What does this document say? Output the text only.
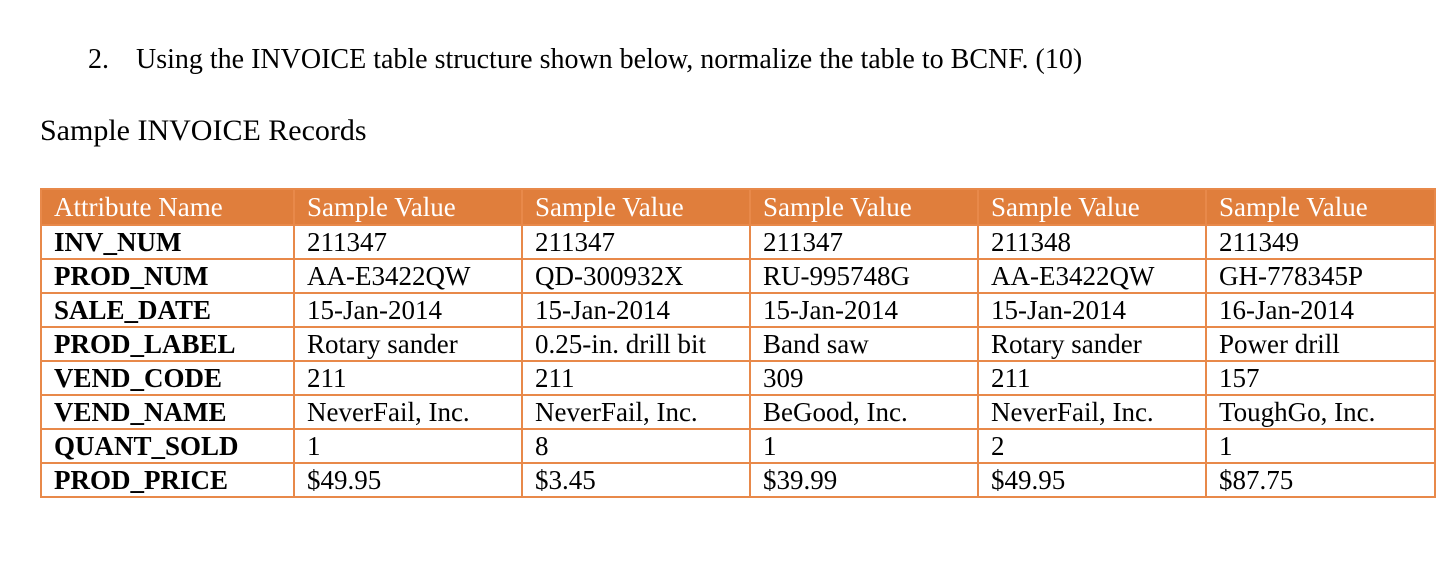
2. Using the INVOICE table structure shown below, normalize the table to BCNF. (10)
Sample INVOICE Records
Attribute Name	Sample Value	Sample Value	Sample Value	Sample Value	Sample Value
INV_NUM	211347	211347	211347	211348	211349
PROD_NUM	AA-E3422QW	QD-300932X	RU-995748G	AA-E3422QW	GH-778345P
SALE_DATE	15-Jan-2014	15-Jan-2014	15-Jan-2014	15-Jan-2014	16-Jan-2014
PROD_LABEL	Rotary sander	0.25-in. drill bit	Band saw	Rotary sander	Power drill
VEND_CODE	211	211	309	211	157
VEND_NAME	NeverFail, Inc.	NeverFail, Inc.	BeGood, Inc.	NeverFail, Inc.	ToughGo, Inc.
QUANT_SOLD	1	8	1	2	1
PROD_PRICE	$49.95	$3.45	$39.99	$49.95	$87.75
